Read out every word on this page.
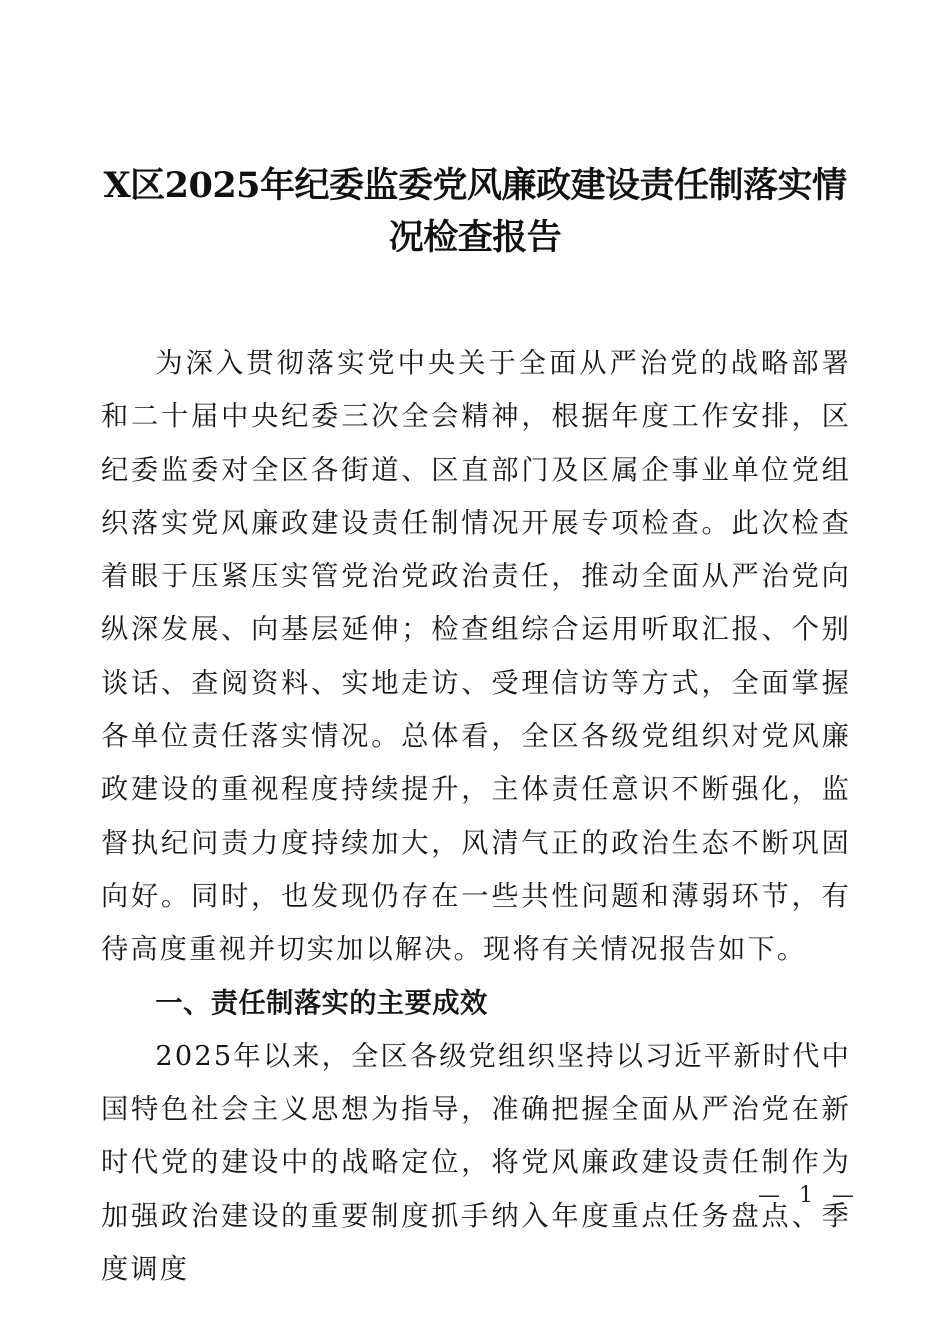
X区2025年纪委监委党风廉政建设责任制落实情况检查报告

为深入贯彻落实党中央关于全面从严治党的战略部署和二十届中央纪委三次全会精神，根据年度工作安排，区纪委监委对全区各街道、区直部门及区属企事业单位党组织落实党风廉政建设责任制情况开展专项检查。此次检查着眼于压紧压实管党治党政治责任，推动全面从严治党向纵深发展、向基层延伸；检查组综合运用听取汇报、个别谈话、查阅资料、实地走访、受理信访等方式，全面掌握各单位责任落实情况。总体看，全区各级党组织对党风廉政建设的重视程度持续提升，主体责任意识不断强化，监督执纪问责力度持续加大，风清气正的政治生态不断巩固向好。同时，也发现仍存在一些共性问题和薄弱环节，有待高度重视并切实加以解决。现将有关情况报告如下。

一、责任制落实的主要成效

2025年以来，全区各级党组织坚持以习近平新时代中国特色社会主义思想为指导，准确把握全面从严治党在新时代党的建设中的战略定位，将党风廉政建设责任制作为加强政治建设的重要制度抓手纳入年度重点任务盘点、季度调度

— 1 —
